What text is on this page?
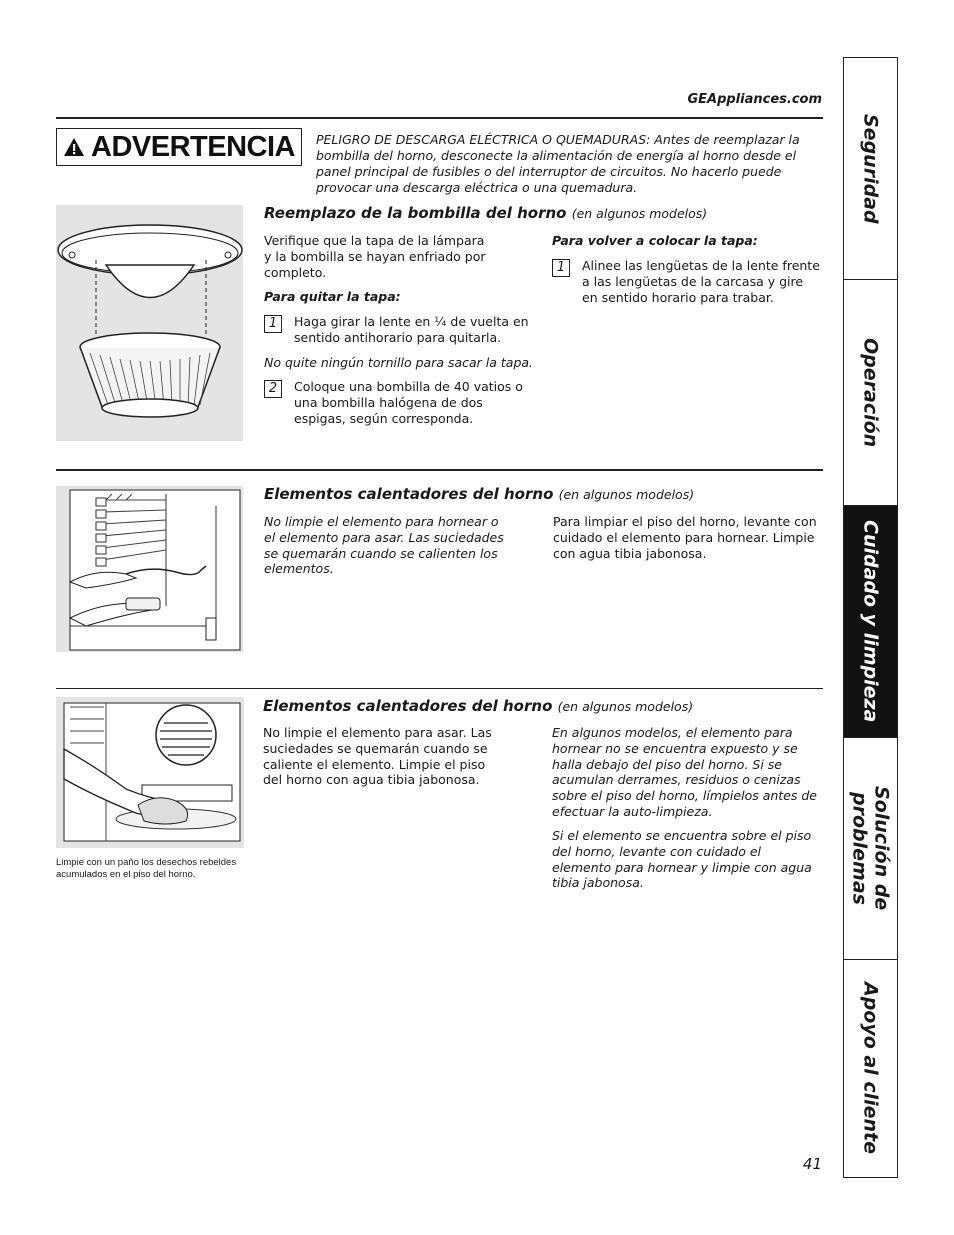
GEAppliances.com
ADVERTENCIA PELIGRO DE DESCARGA ELÉCTRICA O QUEMADURAS: Antes de reemplazar la bombilla del horno, desconecte la alimentación de energía al horno desde el panel principal de fusibles o del interruptor de circuitos. No hacerlo puede provocar una descarga eléctrica o una quemadura.
Reemplazo de la bombilla del horno (en algunos modelos)
Verifique que la tapa de la lámpara y la bombilla se hayan enfriado por completo.
Para quitar la tapa:
1	Haga girar la lente en ¼ de vuelta en sentido antihorario para quitarla.
No quite ningún tornillo para sacar la tapa.
2	Coloque una bombilla de 40 vatios o una bombilla halógena de dos espigas, según corresponda.
Para volver a colocar la tapa:
1	Alinee las lengüetas de la lente frente a las lengüetas de la carcasa y gire en sentido horario para trabar.
Elementos calentadores del horno (en algunos modelos)
No limpie el elemento para hornear o el elemento para asar. Las suciedades se quemarán cuando se calienten los elementos.
Para limpiar el piso del horno, levante con cuidado el elemento para hornear. Limpie con agua tibia jabonosa.
Limpie con un paño los desechos rebeldes acumulados en el piso del horno.
Elementos calentadores del horno (en algunos modelos)
No limpie el elemento para asar. Las suciedades se quemarán cuando se caliente el elemento. Limpie el piso del horno con agua tibia jabonosa.
En algunos modelos, el elemento para hornear no se encuentra expuesto y se halla debajo del piso del horno. Si se acumulan derrames, residuos o cenizas sobre el piso del horno, límpielos antes de efectuar la auto-limpieza.
Si el elemento se encuentra sobre el piso del horno, levante con cuidado el elemento para hornear y limpie con agua tibia jabonosa.
41
Seguridad
Operación
Cuidado y limpieza
Solución de
problemas
Apoyo al cliente
